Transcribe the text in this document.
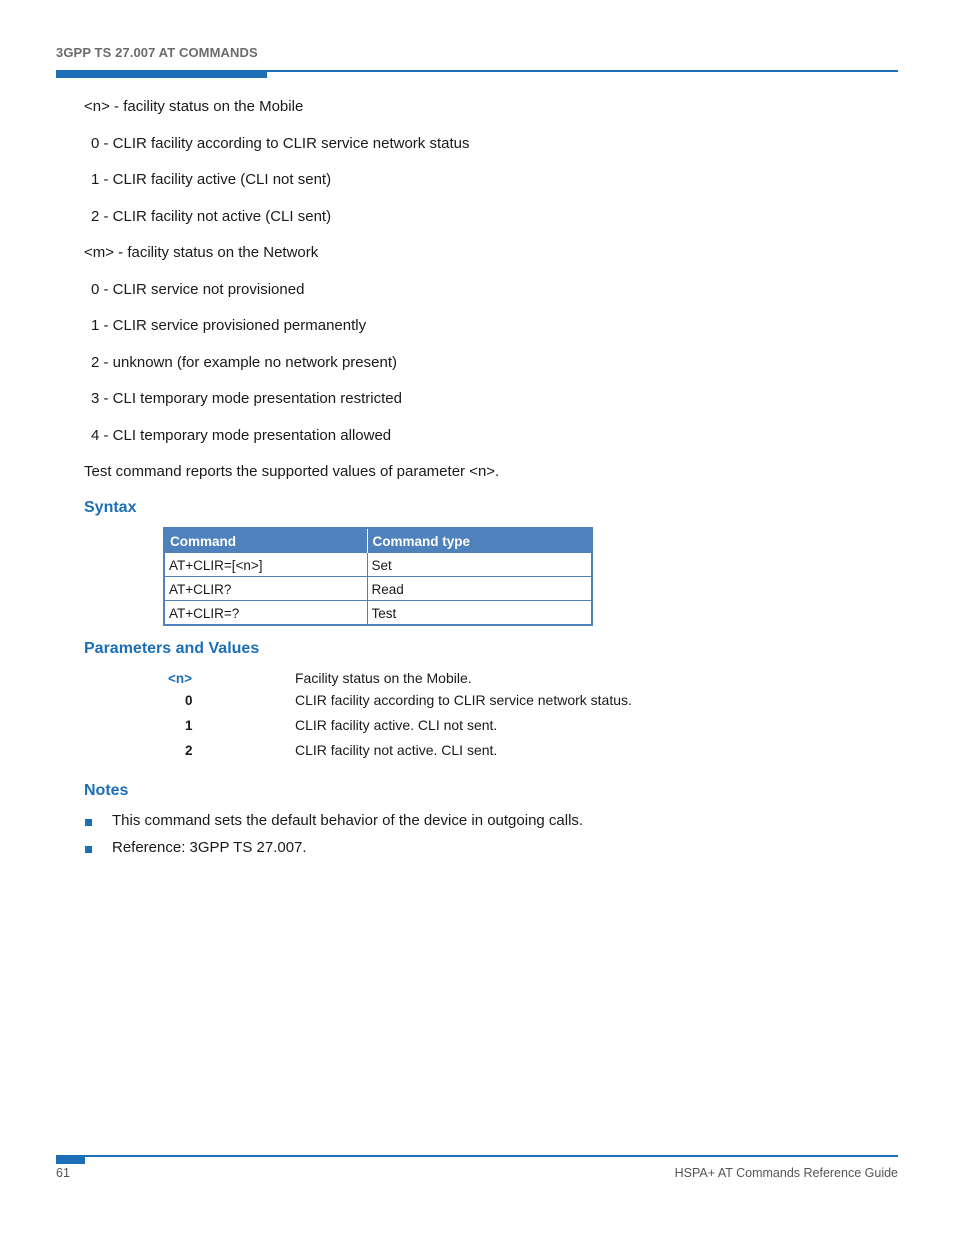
3GPP TS 27.007 AT COMMANDS
<n> - facility status on the Mobile
0 - CLIR facility according to CLIR service network status
1 - CLIR facility active (CLI not sent)
2 - CLIR facility not active (CLI sent)
<m> - facility status on the Network
0 - CLIR service not provisioned
1 - CLIR service provisioned permanently
2 - unknown (for example no network present)
3 - CLI temporary mode presentation restricted
4 - CLI temporary mode presentation allowed
Test command reports the supported values of parameter <n>.
Syntax
Command	Command type
AT+CLIR=[<n>]	Set
AT+CLIR?	Read
AT+CLIR=?	Test
Parameters and Values
<n>	Facility status on the Mobile.
0	CLIR facility according to CLIR service network status.
1	CLIR facility active. CLI not sent.
2	CLIR facility not active. CLI sent.
Notes
This command sets the default behavior of the device in outgoing calls.
Reference: 3GPP TS 27.007.
61	HSPA+ AT Commands Reference Guide
